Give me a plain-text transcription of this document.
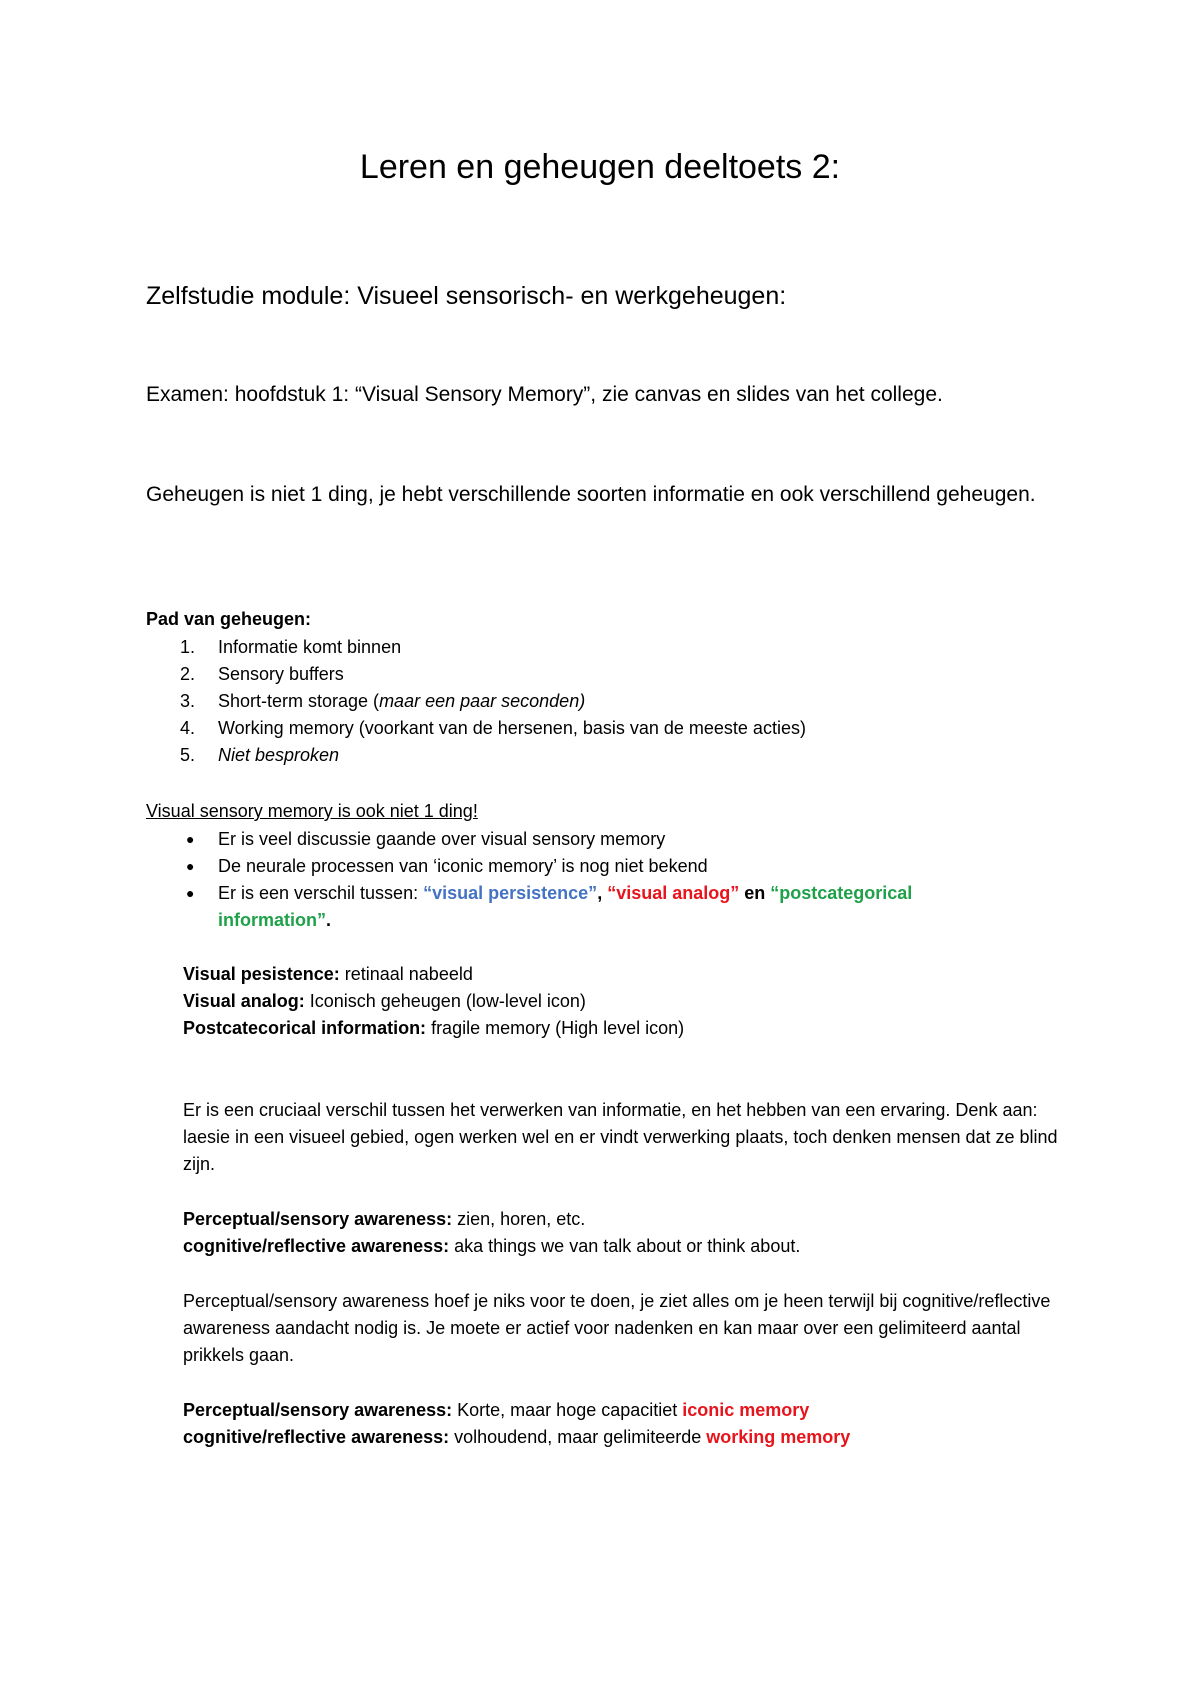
Leren en geheugen deeltoets 2:

Zelfstudie module: Visueel sensorisch- en werkgeheugen:

Examen: hoofdstuk 1: “Visual Sensory Memory”, zie canvas en slides van het college.

Geheugen is niet 1 ding, je hebt verschillende soorten informatie en ook verschillend geheugen.

Pad van geheugen:

1. Informatie komt binnen
2. Sensory buffers
3. Short-term storage (maar een paar seconden)
4. Working memory (voorkant van de hersenen, basis van de meeste acties)
5. Niet besproken

Visual sensory memory is ook niet 1 ding!

● Er is veel discussie gaande over visual sensory memory
● De neurale processen van ‘iconic memory’ is nog niet bekend
● Er is een verschil tussen: “visual persistence”, “visual analog” en “postcategorical information”.
Visual pesistence: retinaal nabeeld
Visual analog: Iconisch geheugen (low-level icon)
Postcatecorical information: fragile memory (High level icon)
Er is een cruciaal verschil tussen het verwerken van informatie, en het hebben van een ervaring. Denk aan: laesie in een visueel gebied, ogen werken wel en er vindt verwerking plaats, toch denken mensen dat ze blind zijn.
Perceptual/sensory awareness: zien, horen, etc.
cognitive/reflective awareness: aka things we van talk about or think about.
Perceptual/sensory awareness hoef je niks voor te doen, je ziet alles om je heen terwijl bij cognitive/reflective awareness aandacht nodig is. Je moete er actief voor nadenken en kan maar over een gelimiteerd aantal prikkels gaan.
Perceptual/sensory awareness: Korte, maar hoge capacitiet iconic memory
cognitive/reflective awareness: volhoudend, maar gelimiteerde working memory
